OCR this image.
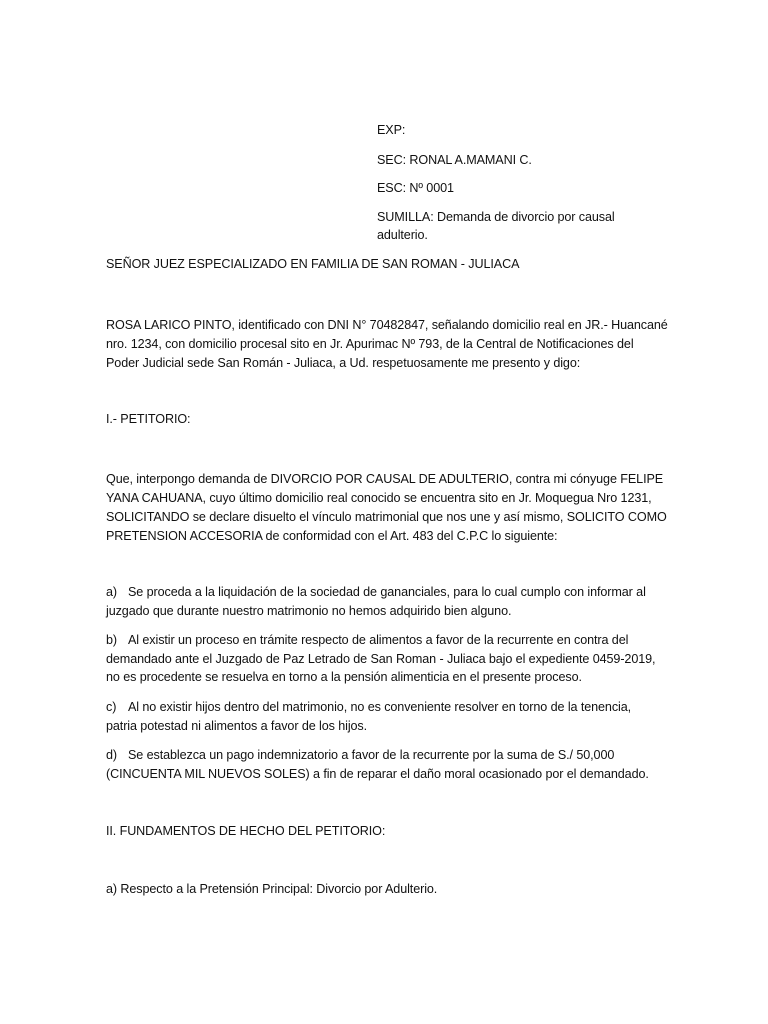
EXP:

SEC: RONAL A.MAMANI C.

ESC: Nº 0001

SUMILLA: Demanda de divorcio por causal

adulterio.

SEÑOR JUEZ ESPECIALIZADO EN FAMILIA DE SAN ROMAN - JULIACA

ROSA LARICO PINTO, identificado con DNI N° 70482847, señalando domicilio real en JR.- Huancané

nro. 1234, con domicilio procesal sito en Jr. Apurimac Nº 793, de la Central de Notificaciones del

Poder Judicial sede San Román - Juliaca, a Ud. respetuosamente me presento y digo:

I.- PETITORIO:

Que, interpongo demanda de DIVORCIO POR CAUSAL DE ADULTERIO, contra mi cónyuge FELIPE

YANA CAHUANA, cuyo último domicilio real conocido se encuentra sito en Jr. Moquegua Nro 1231,

SOLICITANDO se declare disuelto el vínculo matrimonial que nos une y así mismo, SOLICITO COMO

PRETENSION ACCESORIA de conformidad con el Art. 483 del C.P.C lo siguiente:

a) Se proceda a la liquidación de la sociedad de gananciales, para lo cual cumplo con informar al

juzgado que durante nuestro matrimonio no hemos adquirido bien alguno.

b) Al existir un proceso en trámite respecto de alimentos a favor de la recurrente en contra del

demandado ante el Juzgado de Paz Letrado de San Roman - Juliaca bajo el expediente 0459-2019,

no es procedente se resuelva en torno a la pensión alimenticia en el presente proceso.

c) Al no existir hijos dentro del matrimonio, no es conveniente resolver en torno de la tenencia,

patria potestad ni alimentos a favor de los hijos.

d) Se establezca un pago indemnizatorio a favor de la recurrente por la suma de S./ 50,000

(CINCUENTA MIL NUEVOS SOLES) a fin de reparar el daño moral ocasionado por el demandado.

II. FUNDAMENTOS DE HECHO DEL PETITORIO:

a) Respecto a la Pretensión Principal: Divorcio por Adulterio.
